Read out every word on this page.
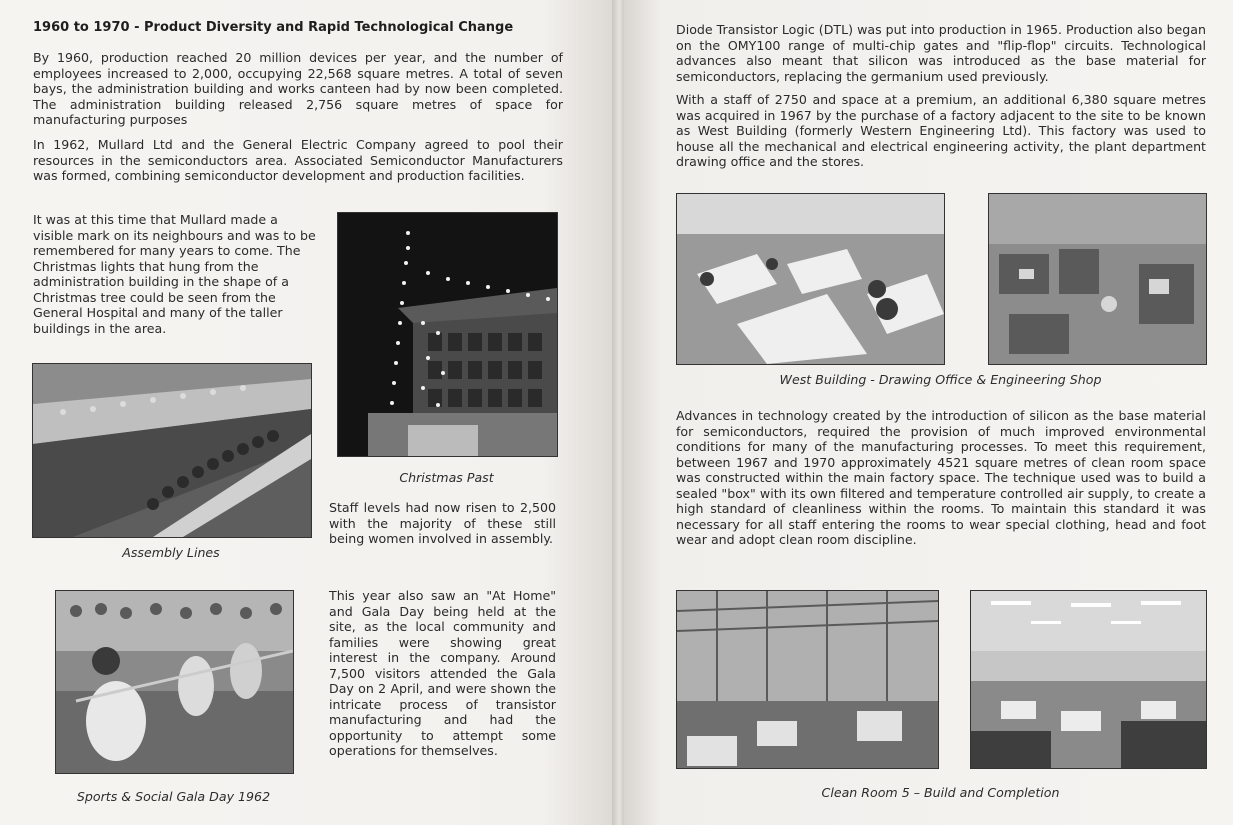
1960 to 1970 - Product Diversity and Rapid Technological Change

By 1960, production reached 20 million devices per year, and the number of employees increased to 2,000, occupying 22,568 square metres. A total of seven bays, the administration building and works canteen had by now been completed. The administration building released 2,756 square metres of space for manufacturing purposes

In 1962, Mullard Ltd and the General Electric Company agreed to pool their resources in the semiconductors area. Associated Semiconductor Manufacturers was formed, combining semiconductor development and production facilities.

It was at this time that Mullard made a visible mark on its neighbours and was to be remembered for many years to come. The Christmas lights that hung from the administration building in the shape of a Christmas tree could be seen from the General Hospital and many of the taller buildings in the area.

Christmas Past

Assembly Lines

Staff levels had now risen to 2,500 with the majority of these still being women involved in assembly.

This year also saw an "At Home" and Gala Day being held at the site, as the local community and families were showing great interest in the company. Around 7,500 visitors attended the Gala Day on 2 April, and were shown the intricate process of transistor manufacturing and had the opportunity to attempt some operations for themselves.

Sports & Social Gala Day 1962

Diode Transistor Logic (DTL) was put into production in 1965. Production also began on the OMY100 range of multi-chip gates and "flip-flop" circuits. Technological advances also meant that silicon was introduced as the base material for semiconductors, replacing the germanium used previously.

With a staff of 2750 and space at a premium, an additional 6,380 square metres was acquired in 1967 by the purchase of a factory adjacent to the site to be known as West Building (formerly Western Engineering Ltd). This factory was used to house all the mechanical and electrical engineering activity, the plant department drawing office and the stores.

West Building - Drawing Office & Engineering Shop

Advances in technology created by the introduction of silicon as the base material for semiconductors, required the provision of much improved environmental conditions for many of the manufacturing processes. To meet this requirement, between 1967 and 1970 approximately 4521 square metres of clean room space was constructed within the main factory space. The technique used was to build a sealed "box" with its own filtered and temperature controlled air supply, to create a high standard of cleanliness within the rooms. To maintain this standard it was necessary for all staff entering the rooms to wear special clothing, head and foot wear and adopt clean room discipline.

Clean Room 5 – Build and Completion
